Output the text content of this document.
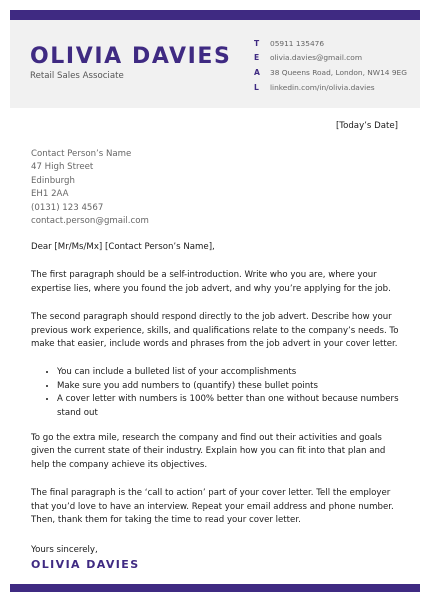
OLIVIA DAVIES
Retail Sales Associate
T	05911 135476
E	olivia.davies@gmail.com
A	38 Queens Road, London, NW14 9EG
L	linkedin.com/in/olivia.davies
[Today’s Date]
Contact Person’s Name
47 High Street
Edinburgh
EH1 2AA
(0131) 123 4567
contact.person@gmail.com

Dear [Mr/Ms/Mx] [Contact Person’s Name],

The first paragraph should be a self-introduction. Write who you are, where your expertise lies, where you found the job advert, and why you’re applying for the job.

The second paragraph should respond directly to the job advert. Describe how your previous work experience, skills, and qualifications relate to the company’s needs. To make that easier, include words and phrases from the job advert in your cover letter.

• You can include a bulleted list of your accomplishments
• Make sure you add numbers to (quantify) these bullet points
• A cover letter with numbers is 100% better than one without because numbers stand out

To go the extra mile, research the company and find out their activities and goals given the current state of their industry. Explain how you can fit into that plan and help the company achieve its objectives.

The final paragraph is the ‘call to action’ part of your cover letter. Tell the employer that you’d love to have an interview. Repeat your email address and phone number. Then, thank them for taking the time to read your cover letter.

Yours sincerely,
OLIVIA DAVIES
